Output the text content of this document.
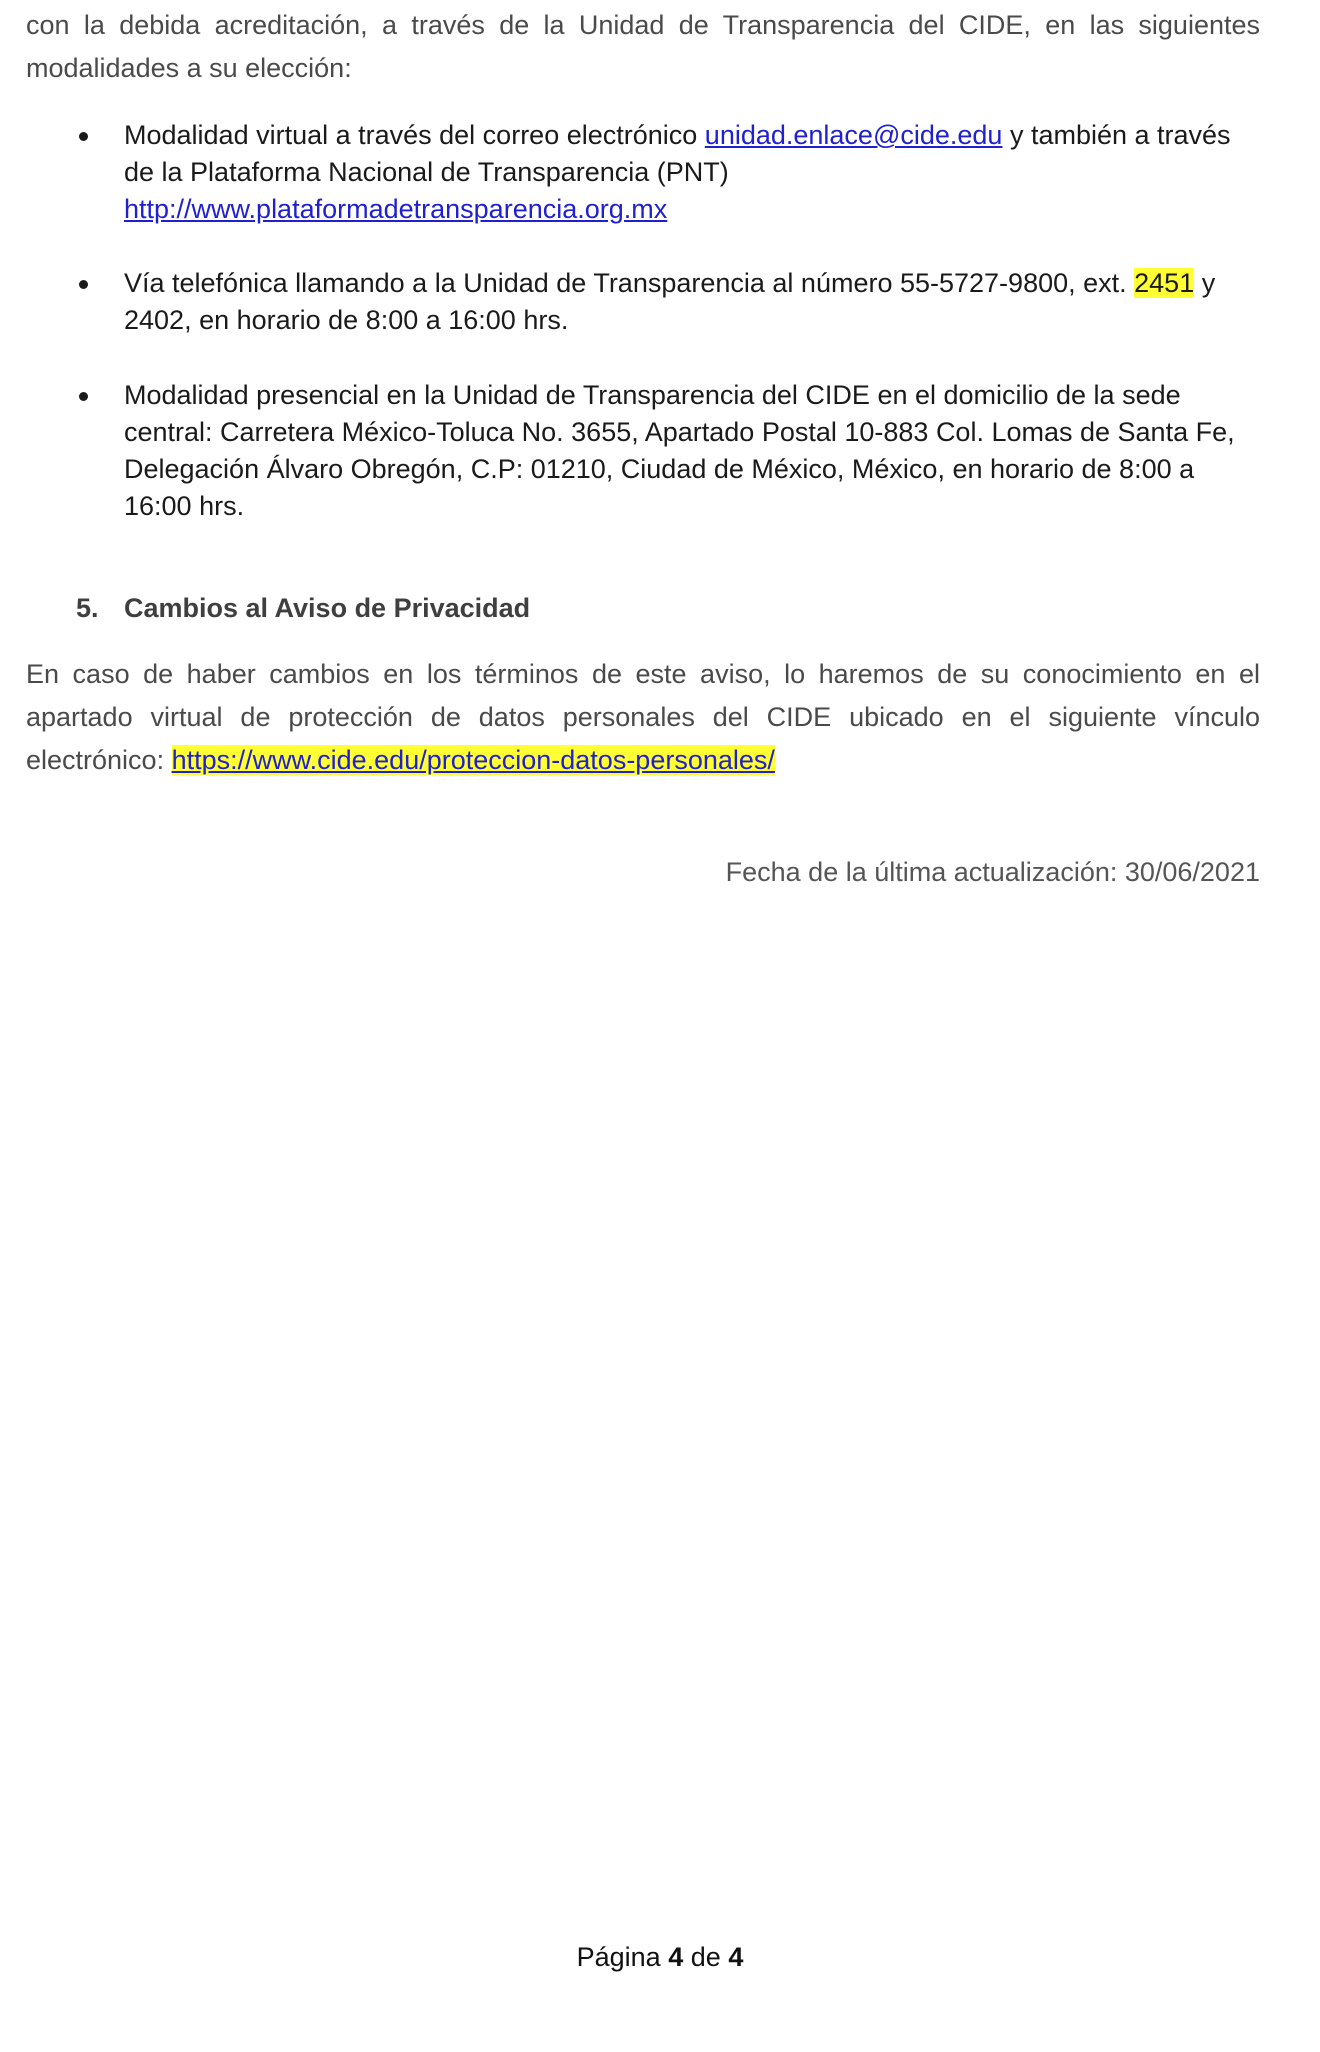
con la debida acreditación, a través de la Unidad de Transparencia del CIDE, en las siguientes
modalidades a su elección:

Modalidad virtual a través del correo electrónico unidad.enlace@cide.edu y también a través de la Plataforma Nacional de Transparencia (PNT)
http://www.plataformadetransparencia.org.mx
Vía telefónica llamando a la Unidad de Transparencia al número 55-5727-9800, ext. 2451 y 2402, en horario de 8:00 a 16:00 hrs.
Modalidad presencial en la Unidad de Transparencia del CIDE en el domicilio de la sede central: Carretera México-Toluca No. 3655, Apartado Postal 10-883 Col. Lomas de Santa Fe, Delegación Álvaro Obregón, C.P: 01210, Ciudad de México, México, en horario de 8:00 a 16:00 hrs.
5. Cambios al Aviso de Privacidad

En caso de haber cambios en los términos de este aviso, lo haremos de su conocimiento en el apartado virtual de protección de datos personales del CIDE ubicado en el siguiente vínculo electrónico: https://www.cide.edu/proteccion-datos-personales/

Fecha de la última actualización: 30/06/2021
Página 4 de 4
